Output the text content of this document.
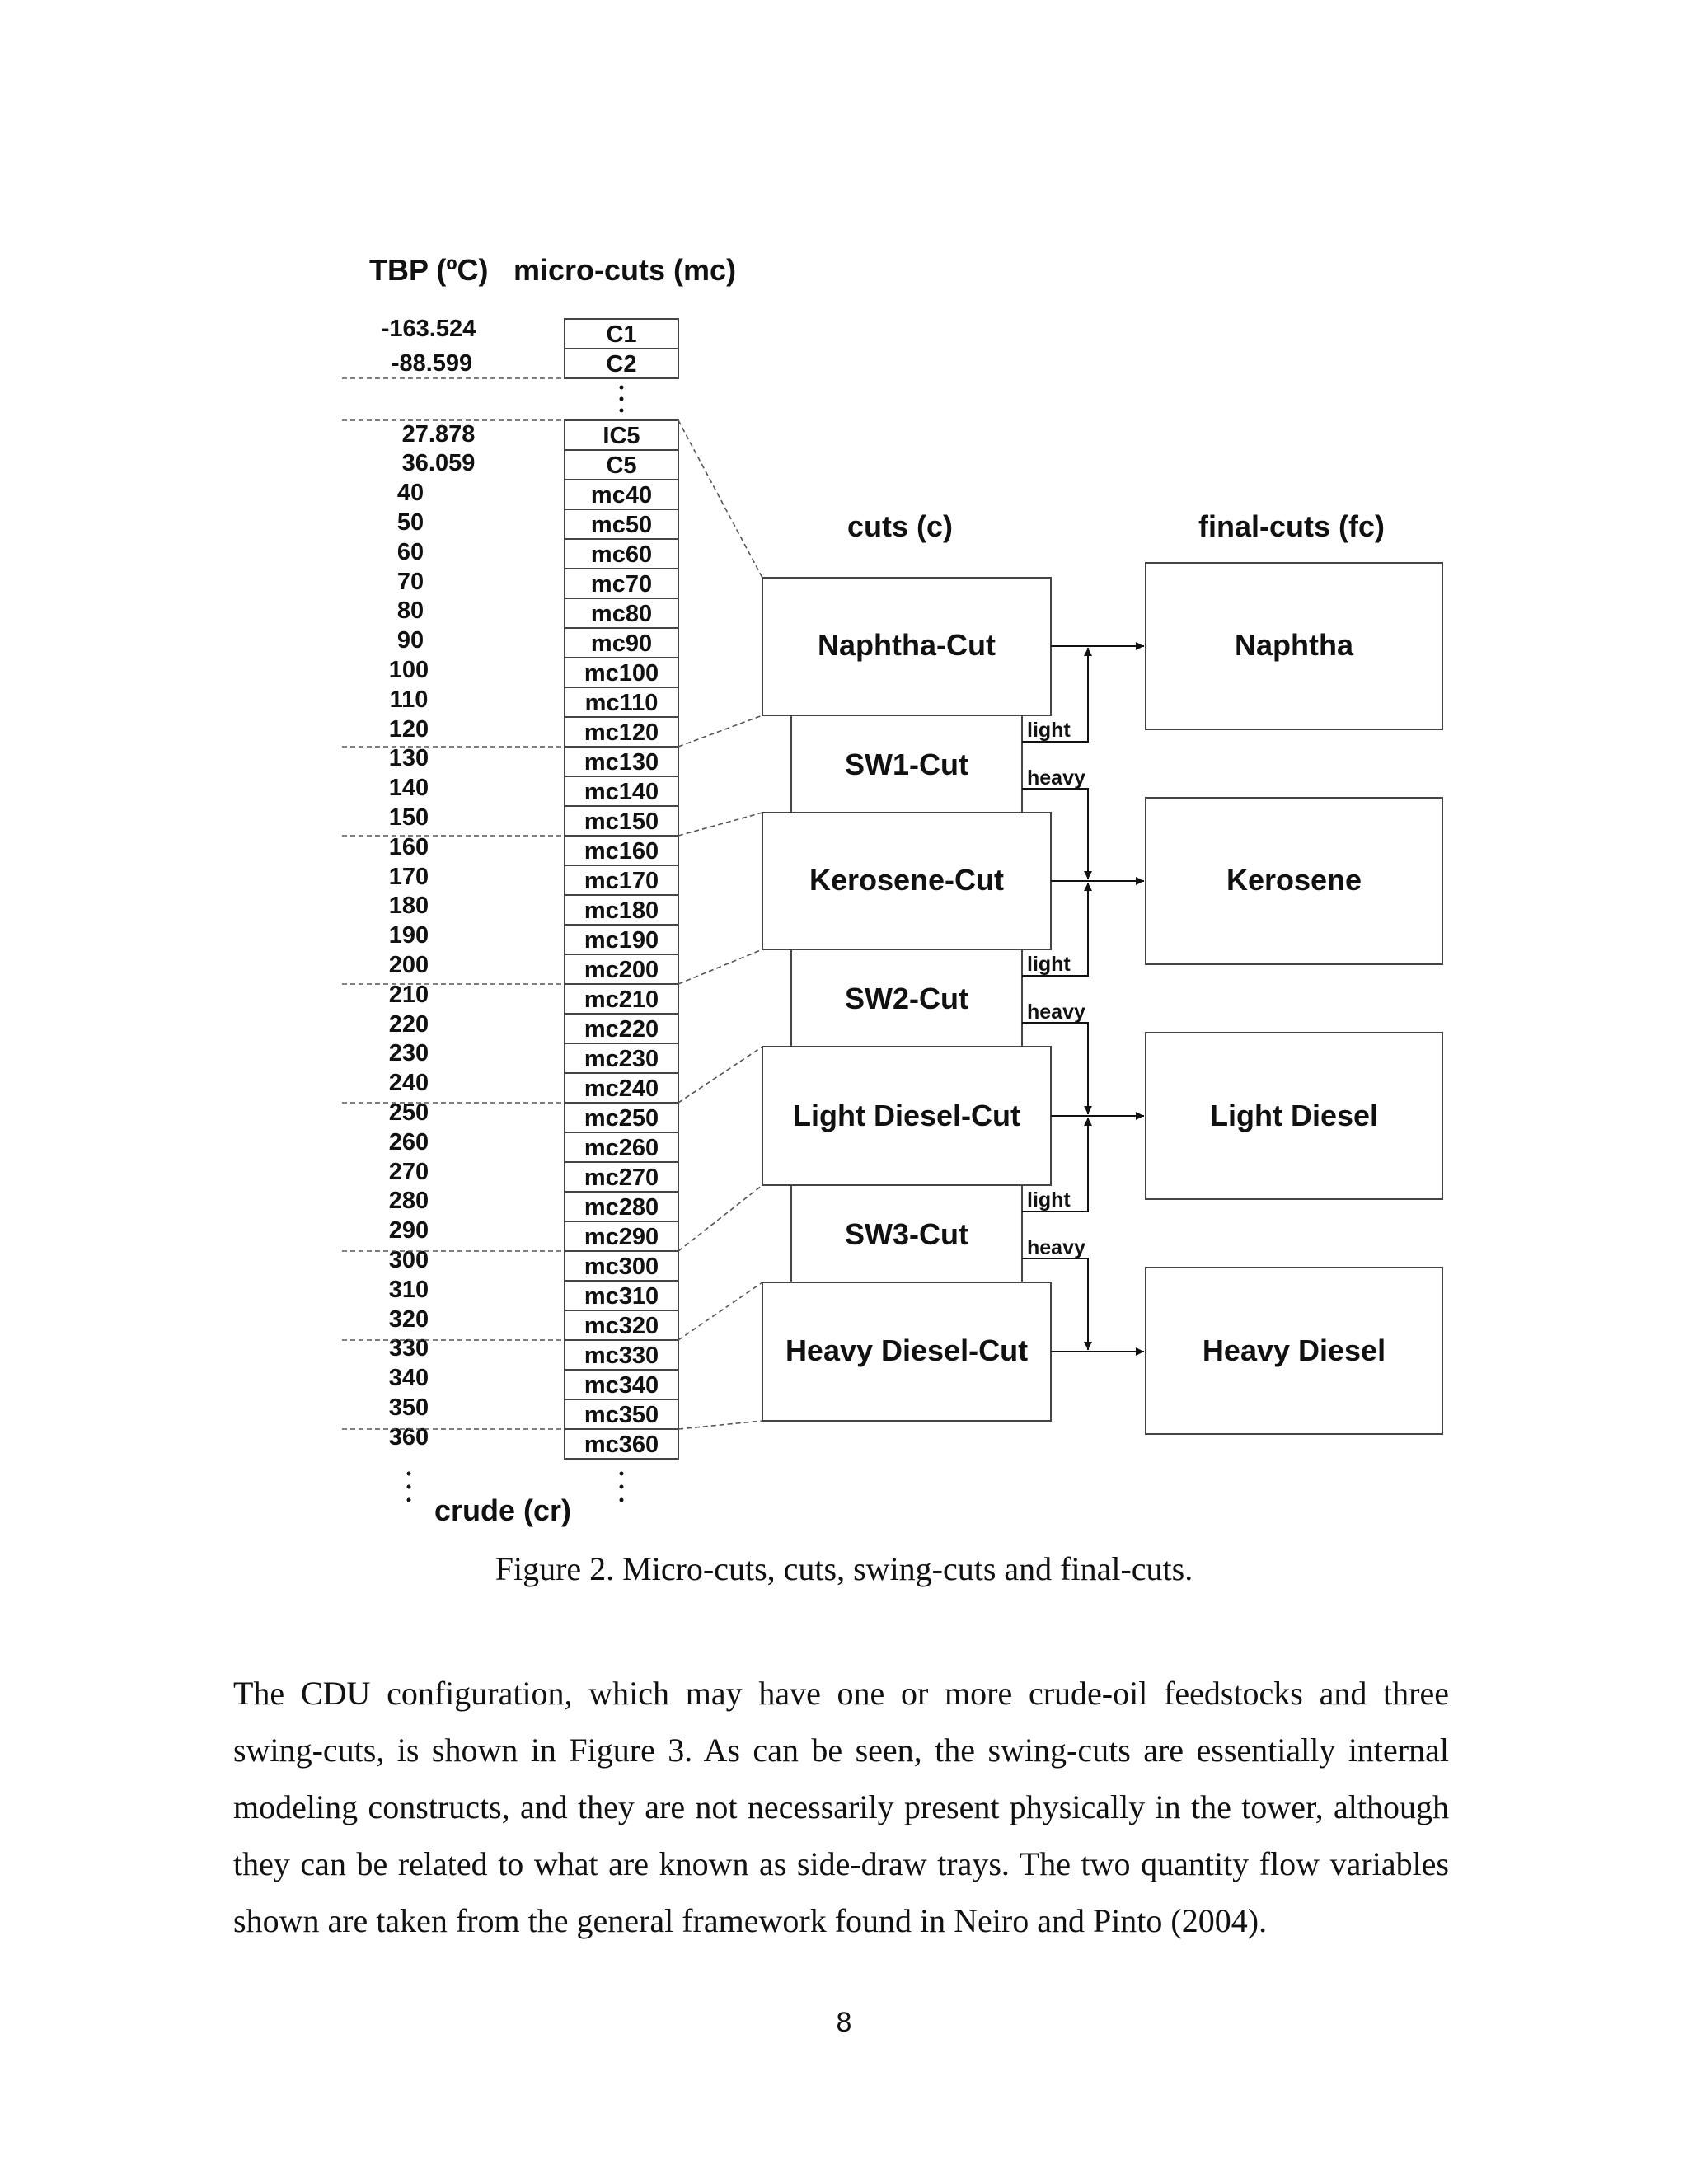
TBP (ºC) micro-cuts (mc)
cuts (c)	final-cuts (fc)
crude (cr)
-163.524
-88.599
27.878
36.059
40
50
60
70
80
90
100
110
120
130
140
150
160
170
180
190
200
210
220
230
240
250
260
270
280
290
300
310
320
330
340
350
360
C1
C2
IC5
C5
mc40
mc50
mc60
mc70
mc80
mc90
mc100
mc110
mc120
mc130
mc140
mc150
mc160
mc170
mc180
mc190
mc200
mc210
mc220
mc230
mc240
mc250
mc260
mc270
mc280
mc290
mc300
mc310
mc320
mc330
mc340
mc350
mc360
Naphtha-Cut
SW1-Cut
Kerosene-Cut
SW2-Cut
Light Diesel-Cut
SW3-Cut
Heavy Diesel-Cut
Naphtha
Kerosene
Light Diesel
Heavy Diesel
light
heavy
light
heavy
light
heavy
Figure 2. Micro-cuts, cuts, swing-cuts and final-cuts.

The CDU configuration, which may have one or more crude-oil feedstocks and three swing-cuts, is shown in Figure 3. As can be seen, the swing-cuts are essentially internal modeling constructs, and they are not necessarily present physically in the tower, although they can be related to what are known as side-draw trays. The two quantity flow variables shown are taken from the general framework found in Neiro and Pinto (2004).

8
